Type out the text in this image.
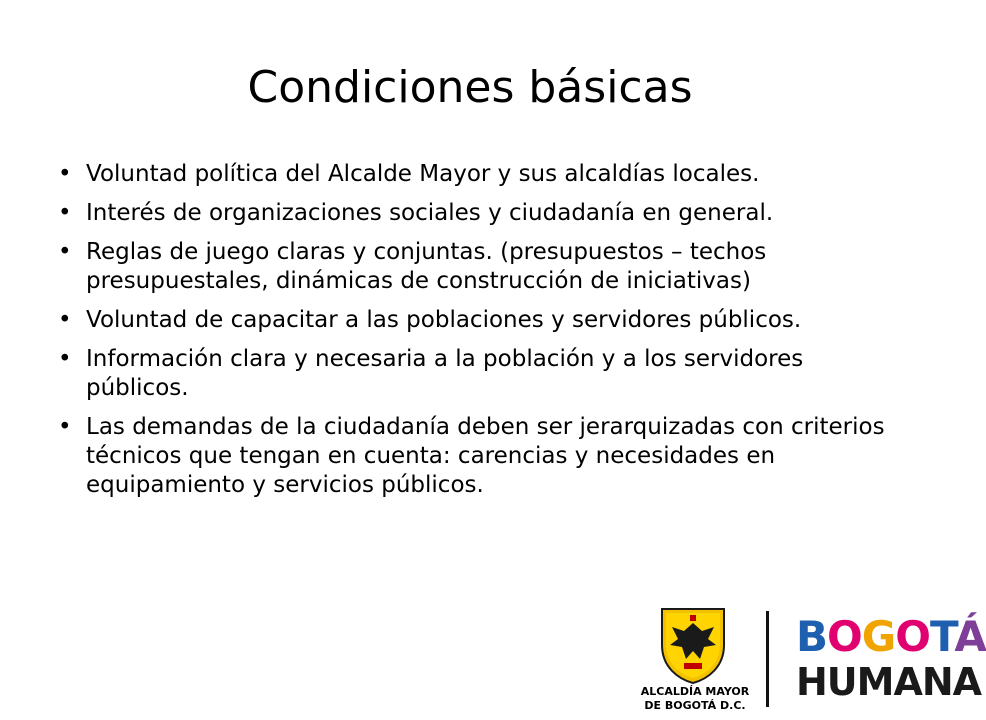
Condiciones básicas
• Voluntad política del Alcalde Mayor y sus alcaldías locales.
• Interés de organizaciones sociales y ciudadanía en general.
• Reglas de juego claras y conjuntas. (presupuestos – techos presupuestales, dinámicas de construcción de iniciativas)
• Voluntad de capacitar a las poblaciones y servidores públicos.
• Información clara y necesaria a la población y a los servidores públicos.
• Las demandas de la ciudadanía deben ser jerarquizadas con criterios técnicos que tengan en cuenta: carencias y necesidades en equipamiento y servicios públicos.
ALCALDÍA MAYOR
DE BOGOTÁ D.C.
BOGOTÁ
HUMANA
